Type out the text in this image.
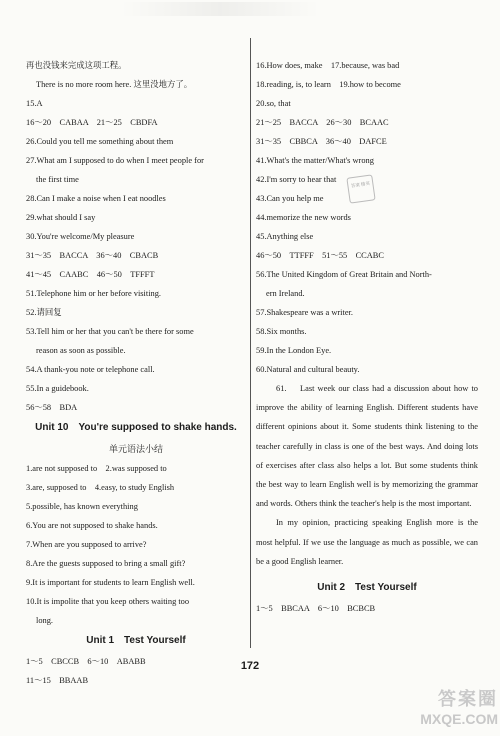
再也没钱来完成这项工程。
There is no more room here. 这里没地方了。
15.A
16～20　CABAA　21～25　CBDFA
26.Could you tell me something about them
27.What am I supposed to do when I meet people for
the first time
28.Can I make a noise when I eat noodles
29.what should I say
30.You're welcome/My pleasure
31～35　BACCA　36～40　CBACB
41～45　CAABC　46～50　TFFFT
51.Telephone him or her before visiting.
52.请回复
53.Tell him or her that you can't be there for some
reason as soon as possible.
54.A thank-you note or telephone call.
55.In a guidebook.
56～58　BDA
Unit 10　You're supposed to shake hands.
单元语法小结
1.are not supposed to　2.was supposed to
3.are, supposed to　4.easy, to study English
5.possible, has known everything
6.You are not supposed to shake hands.
7.When are you supposed to arrive?
8.Are the guests supposed to bring a small gift?
9.It is important for students to learn English well.
10.It is impolite that you keep others waiting too
long.
Unit 1　Test Yourself
1～5　CBCCB　6～10　ABABB
11～15　BBAAB
16.How does, make　17.because, was bad
18.reading, is, to learn　19.how to become
20.so, that
21～25　BACCA　26～30　BCAAC
31～35　CBBCA　36～40　DAFCE
41.What's the matter/What's wrong
42.I'm sorry to hear that
43.Can you help me
44.memorize the new words
45.Anything else
46～50　TTFFF　51～55　CCABC
56.The United Kingdom of Great Britain and North-
ern Ireland.
57.Shakespeare was a writer.
58.Six months.
59.In the London Eye.
60.Natural and cultural beauty.

61. Last week our class had a discussion about how to improve the ability of learning English. Different students have different opinions about it. Some students think listening to the teacher carefully in class is one of the best ways. And doing lots of exercises after class also helps a lot. But some students think the best way to learn English well is by memorizing the grammar and words. Others think the teacher's help is the most important.

In my opinion, practicing speaking English more is the most helpful. If we use the language as much as possible, we can be a good English learner.

Unit 2　Test Yourself
1～5　BBCAA　6～10　BCBCB
答案 精英
172
答案圈
MXQE.COM
